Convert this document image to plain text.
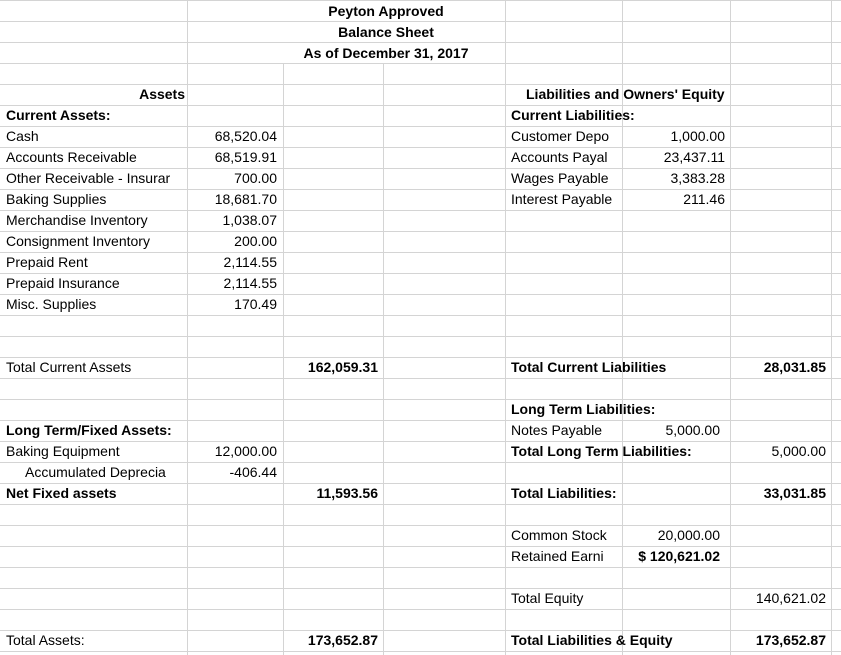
Peyton Approved
Balance Sheet
As of December 31, 2017
Assets
Current Assets:
Cash	68,520.04
Accounts Receivable	68,519.91
Other Receivable - Insurar	700.00
Baking Supplies	18,681.70
Merchandise Inventory	1,038.07
Consignment Inventory	200.00
Prepaid Rent	2,114.55
Prepaid Insurance	2,114.55
Misc. Supplies	170.49
Total Current Assets	162,059.31
Long Term/Fixed Assets:
Baking Equipment	12,000.00
Accumulated Deprecia	-406.44
Net Fixed assets	11,593.56
Total Assets:	173,652.87
Liabilities and Owners' Equity
Current Liabilities:
Customer Depo	1,000.00
Accounts Payal	23,437.11
Wages Payable	3,383.28
Interest Payable	211.46
Total Current Liabilities	28,031.85
Long Term Liabilities:
Notes Payable	5,000.00
Total Long Term Liabilities:	5,000.00
Total Liabilities:	33,031.85
Common Stock	20,000.00
Retained Earni	$ 120,621.02
Total Equity	140,621.02
Total Liabilities & Equity	173,652.87
